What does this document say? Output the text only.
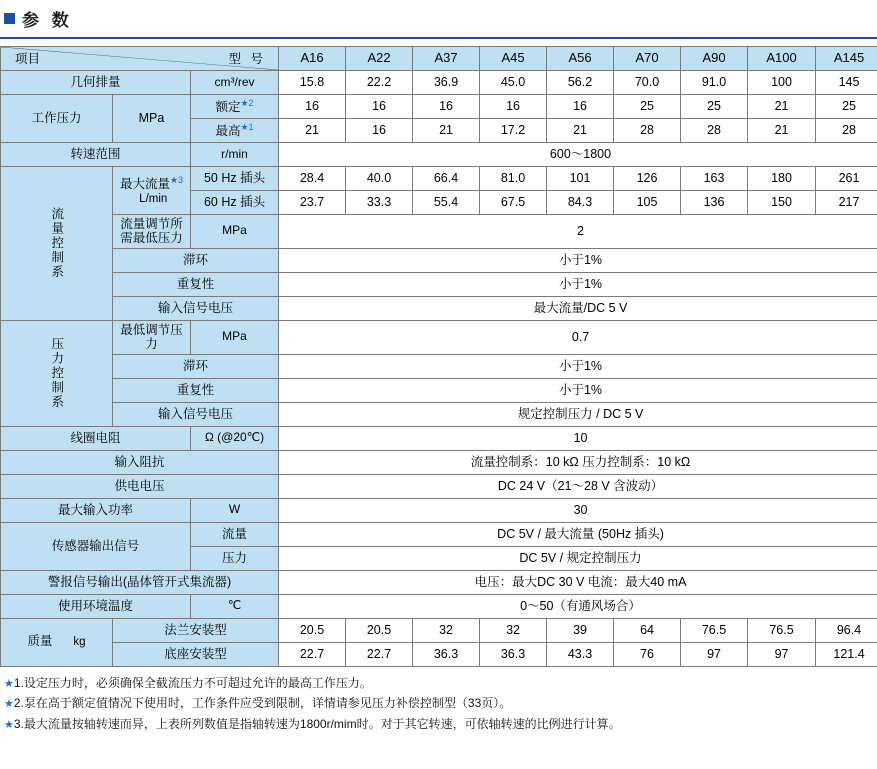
参 数
型 号
项目			A16	A22	A37	A45	A56	A70	A90	A100	A145
几何排量		cm³/rev	15.8	22.2	36.9	45.0	56.2	70.0	91.0	100	145
工作压力	MPa	额定$^{★2}$	16	16	16	16	16	25	25	21	25
		最高$^{★1}$	21	16	21	17.2	21	28	28	21	28
转速范围		r/min	600～1800								
流量控制系	最大流量$^{★3}$  L/min	50 Hz 插头	28.4	40.0	66.4	81.0	101	126	163	180	261
		60 Hz 插头	23.7	33.3	55.4	67.5	84.3	105	136	150	217
	流量调节所需最低压力	MPa	2								
	滞环		小于1%								
	重复性		小于1%								
	输入信号电压		最大流量/DC 5 V								
压力控制系	最低调节压力	MPa	0.7								
	滞环		小于1%								
	重复性		小于1%								
	输入信号电压		规定控制压力 / DC 5 V								
线圈电阻		Ω (@20℃)	10								
输入阻抗			流量控制系：10 kΩ 压力控制系：10 kΩ								
供电电压			DC 24 V（21～28 V 含波动）								
最大输入功率		W	30								
传感器输出信号		流量	DC 5V / 最大流量 (50Hz 插头)								
		压力	DC 5V / 规定控制压力								
警报信号输出(晶体管开式集流器)			电压：最大DC 30 V 电流：最大40 mA								
使用环境温度		℃	0～50（有通风场合）								
质量 kg	法兰安装型		20.5	20.5	32	32	39	64	76.5	76.5	96.4
	底座安装型		22.7	22.7	36.3	36.3	43.3	76	97	97	121.4
★1.设定压力时，必须确保全截流压力不可超过允许的最高工作压力。
★2.泵在高于额定值情况下使用时，工作条件应受到限制，详情请参见压力补偿控制型（33页）。
★3.最大流量按轴转速而异，上表所列数值是指轴转速为1800r/mim时。对于其它转速，可依轴转速的比例进行计算。
